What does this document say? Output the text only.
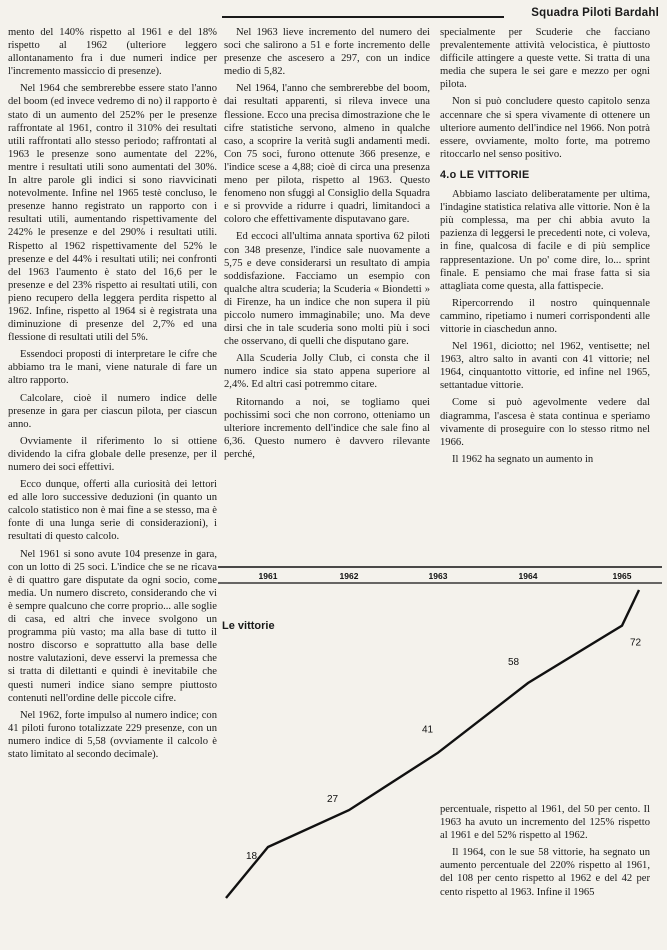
Squadra Piloti Bardahl

mento del 140% rispetto al 1961 e del 18% rispetto al 1962 (ulteriore leggero allontanamento fra i due numeri indice per l'incremento massiccio di presenze).

Nel 1964 che sembrerebbe essere stato l'anno del boom (ed invece vedremo di no) il rapporto è stato di un aumento del 252% per le presenze raffrontate al 1961, contro il 310% dei resultati utili raffrontati allo stesso periodo; raffrontati al 1963 le presenze sono aumentate del 22%, mentre i resultati utili sono aumentati del 30%. In altre parole gli indici si sono riavvicinati notevolmente. Infine nel 1965 testè concluso, le presenze hanno registrato un rapporto con i resultati utili, aumentando rispettivamente del 242% le presenze e del 290% i resultati utili. Rispetto al 1962 rispettivamente del 52% le presenze e del 44% i resultati utili; nei confronti del 1963 l'aumento è stato del 16,6 per le presenze e del 23% rispetto ai resultati utili, con pieno recupero della leggera perdita rispetto al 1962. Infine, rispetto al 1964 si è registrata una diminuzione di presenze del 2,7% ed una flessione di resultati utili del 5%.

Essendoci proposti di interpretare le cifre che abbiamo tra le mani, viene naturale di fare un altro rapporto.

Calcolare, cioè il numero indice delle presenze in gara per ciascun pilota, per ciascun anno.

Ovviamente il riferimento lo si ottiene dividendo la cifra globale delle presenze, per il numero dei soci effettivi.

Ecco dunque, offerti alla curiosità dei lettori ed alle loro successive deduzioni (in quanto un calcolo statistico non è mai fine a se stesso, ma è fonte di una lunga serie di considerazioni), i resultati di questo calcolo.

Nel 1961 si sono avute 104 presenze in gara, con un lotto di 25 soci. L'indice che se ne ricava è di quattro gare disputate da ogni socio, come media. Un numero discreto, considerando che vi è sempre qualcuno che corre proprio... alle soglie di casa, ed altri che invece svolgono un programma più vasto; ma alla base di tutto il nostro discorso e soprattutto alla base delle nostre valutazioni, deve esservi la premessa che si tratta di dilettanti e quindi è inevitabile che questi numeri indice siano sempre piuttosto contenuti nell'ordine delle piccole cifre.

Nel 1962, forte impulso al numero indice; con 41 piloti furono totalizzate 229 presenze, con un numero indice di 5,58 (ovviamente il calcolo è stato limitato al secondo decimale).

Nel 1963 lieve incremento del numero dei soci che salirono a 51 e forte incremento delle presenze che ascesero a 297, con un indice medio di 5,82.

Nel 1964, l'anno che sembrerebbe del boom, dai resultati apparenti, si rileva invece una flessione. Ecco una precisa dimostrazione che le cifre statistiche servono, almeno in qualche caso, a scoprire la verità sugli andamenti medi. Con 75 soci, furono ottenute 366 presenze, e l'indice scese a 4,88; cioè di circa una presenza meno per pilota, rispetto al 1963. Questo fenomeno non sfuggì al Consiglio della Squadra e si provvide a ridurre i quadri, limitandoci a coloro che effettivamente disputavano gare.

Ed eccoci all'ultima annata sportiva 62 piloti con 348 presenze, l'indice sale nuovamente a 5,75 e deve considerarsi un resultato di ampia soddisfazione. Facciamo un esempio con qualche altra scuderia; la Scuderia « Biondetti » di Firenze, ha un indice che non supera il più piccolo numero immaginabile; uno. Ma deve dirsi che in tale scuderia sono molti più i soci che osservano, di quelli che disputano gare.

Alla Scuderia Jolly Club, ci consta che il numero indice sia stato appena superiore al 2,4%. Ed altri casi potremmo citare.

Ritornando a noi, se togliamo quei pochissimi soci che non corrono, otteniamo un ulteriore incremento dell'indice che sale fino al 6,36. Questo numero è davvero rilevante perché,

specialmente per Scuderie che facciano prevalentemente attività velocistica, è piuttosto difficile attingere a queste vette. Si tratta di una media che supera le sei gare e mezzo per ogni pilota.

Non si può concludere questo capitolo senza accennare che si spera vivamente di ottenere un ulteriore aumento dell'indice nel 1966. Non potrà essere, ovviamente, molto forte, ma potremo ritoccarlo nel senso positivo.

4.o LE VITTORIE

Abbiamo lasciato deliberatamente per ultima, l'indagine statistica relativa alle vittorie. Non è la più complessa, ma per chi abbia avuto la pazienza di leggersi le precedenti note, ci voleva, in fine, qualcosa di facile e di più semplice rappresentazione. Un po' come dire, lo... sprint finale. E pensiamo che mai frase fatta si sia attagliata come questa, alla fattispecie.

Ripercorrendo il nostro quinquennale cammino, ripetiamo i numeri corrispondenti alle vittorie in ciaschedun anno.

Nel 1961, diciotto; nel 1962, ventisette; nel 1963, altro salto in avanti con 41 vittorie; nel 1964, cinquantotto vittorie, ed infine nel 1965, settantadue vittorie.

Come si può agevolmente vedere dal diagramma, l'ascesa è stata continua e speriamo vivamente di proseguire con lo stesso ritmo nel 1966.

Il 1962 ha segnato un aumento in

1961	1962	1963	1964	1965
18
27
41
58
72
Le vittorie

percentuale, rispetto al 1961, del 50 per cento. Il 1963 ha avuto un incremento del 125% rispetto al 1961 e del 52% rispetto al 1962.

Il 1964, con le sue 58 vittorie, ha segnato un aumento percentuale del 220% rispetto al 1961, del 108 per cento rispetto al 1962 e del 42 per cento rispetto al 1963. Infine il 1965
